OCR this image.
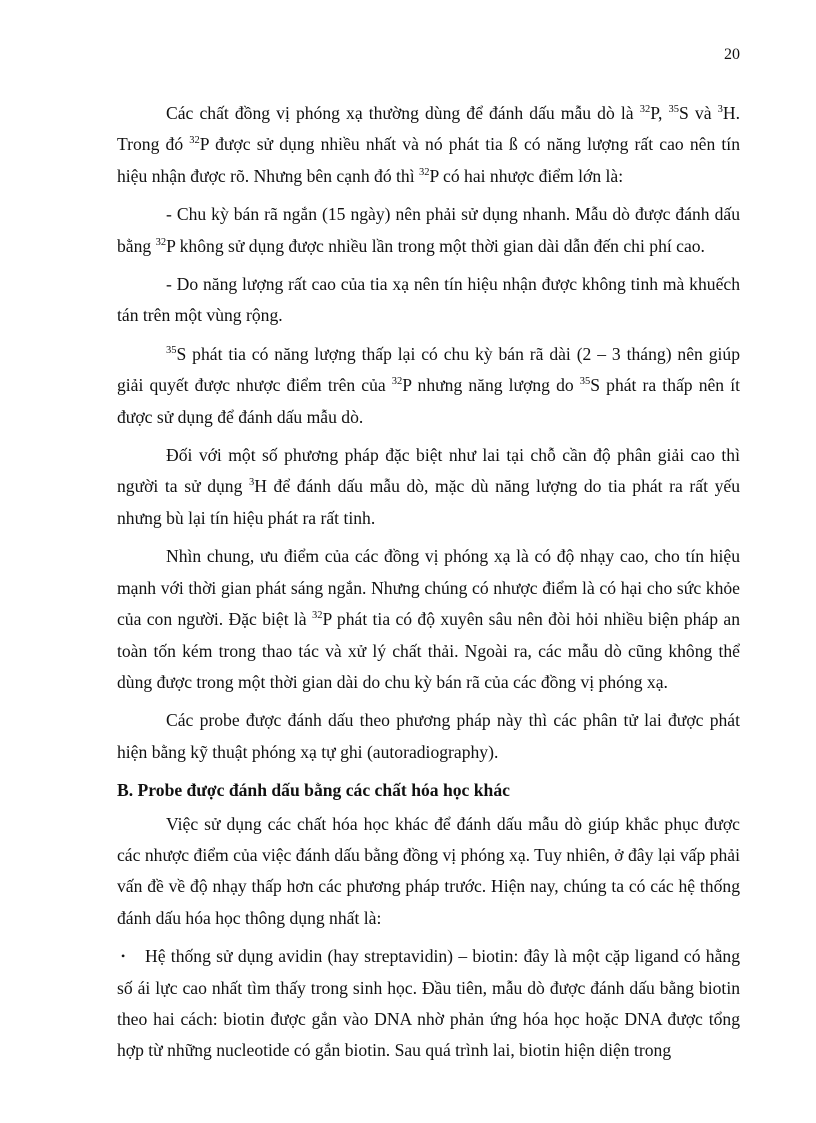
20

Các chất đồng vị phóng xạ thường dùng để đánh dấu mẫu dò là $^{32}$P, $^{35}$S và $^3$H. Trong đó $^{32}$P được sử dụng nhiều nhất và nó phát tia ß có năng lượng rất cao nên tín hiệu nhận được rõ. Nhưng bên cạnh đó thì $^{32}$P có hai nhược điểm lớn là:

- Chu kỳ bán rã ngắn (15 ngày) nên phải sử dụng nhanh. Mẫu dò được đánh dấu bằng $^{32}$P không sử dụng được nhiều lần trong một thời gian dài dẫn đến chi phí cao.

- Do năng lượng rất cao của tia xạ nên tín hiệu nhận được không tinh mà khuếch tán trên một vùng rộng.

$^{35}$S phát tia có năng lượng thấp lại có chu kỳ bán rã dài (2 – 3 tháng) nên giúp giải quyết được nhược điểm trên của $^{32}$P nhưng năng lượng do $^{35}$S phát ra thấp nên ít được sử dụng để đánh dấu mẫu dò.

Đối với một số phương pháp đặc biệt như lai tại chỗ cần độ phân giải cao thì người ta sử dụng $^3$H để đánh dấu mẫu dò, mặc dù năng lượng do tia phát ra rất yếu nhưng bù lại tín hiệu phát ra rất tinh.

Nhìn chung, ưu điểm của các đồng vị phóng xạ là có độ nhạy cao, cho tín hiệu mạnh với thời gian phát sáng ngắn. Nhưng chúng có nhược điểm là có hại cho sức khỏe của con người. Đặc biệt là $^{32}$P phát tia có độ xuyên sâu nên đòi hỏi nhiều biện pháp an toàn tốn kém trong thao tác và xử lý chất thải. Ngoài ra, các mẫu dò cũng không thể dùng được trong một thời gian dài do chu kỳ bán rã của các đồng vị phóng xạ.

Các probe được đánh dấu theo phương pháp này thì các phân tử lai được phát hiện bằng kỹ thuật phóng xạ tự ghi (autoradiography).

B. Probe được đánh dấu bằng các chất hóa học khác

Việc sử dụng các chất hóa học khác để đánh dấu mẫu dò giúp khắc phục được các nhược điểm của việc đánh dấu bằng đồng vị phóng xạ. Tuy nhiên, ở đây lại vấp phải vấn đề về độ nhạy thấp hơn các phương pháp trước. Hiện nay, chúng ta có các hệ thống đánh dấu hóa học thông dụng nhất là:

• Hệ thống sử dụng avidin (hay streptavidin) – biotin: đây là một cặp ligand có hằng số ái lực cao nhất tìm thấy trong sinh học. Đầu tiên, mẫu dò được đánh dấu bằng biotin theo hai cách: biotin được gắn vào DNA nhờ phản ứng hóa học hoặc DNA được tổng hợp từ những nucleotide có gắn biotin. Sau quá trình lai, biotin hiện diện trong
